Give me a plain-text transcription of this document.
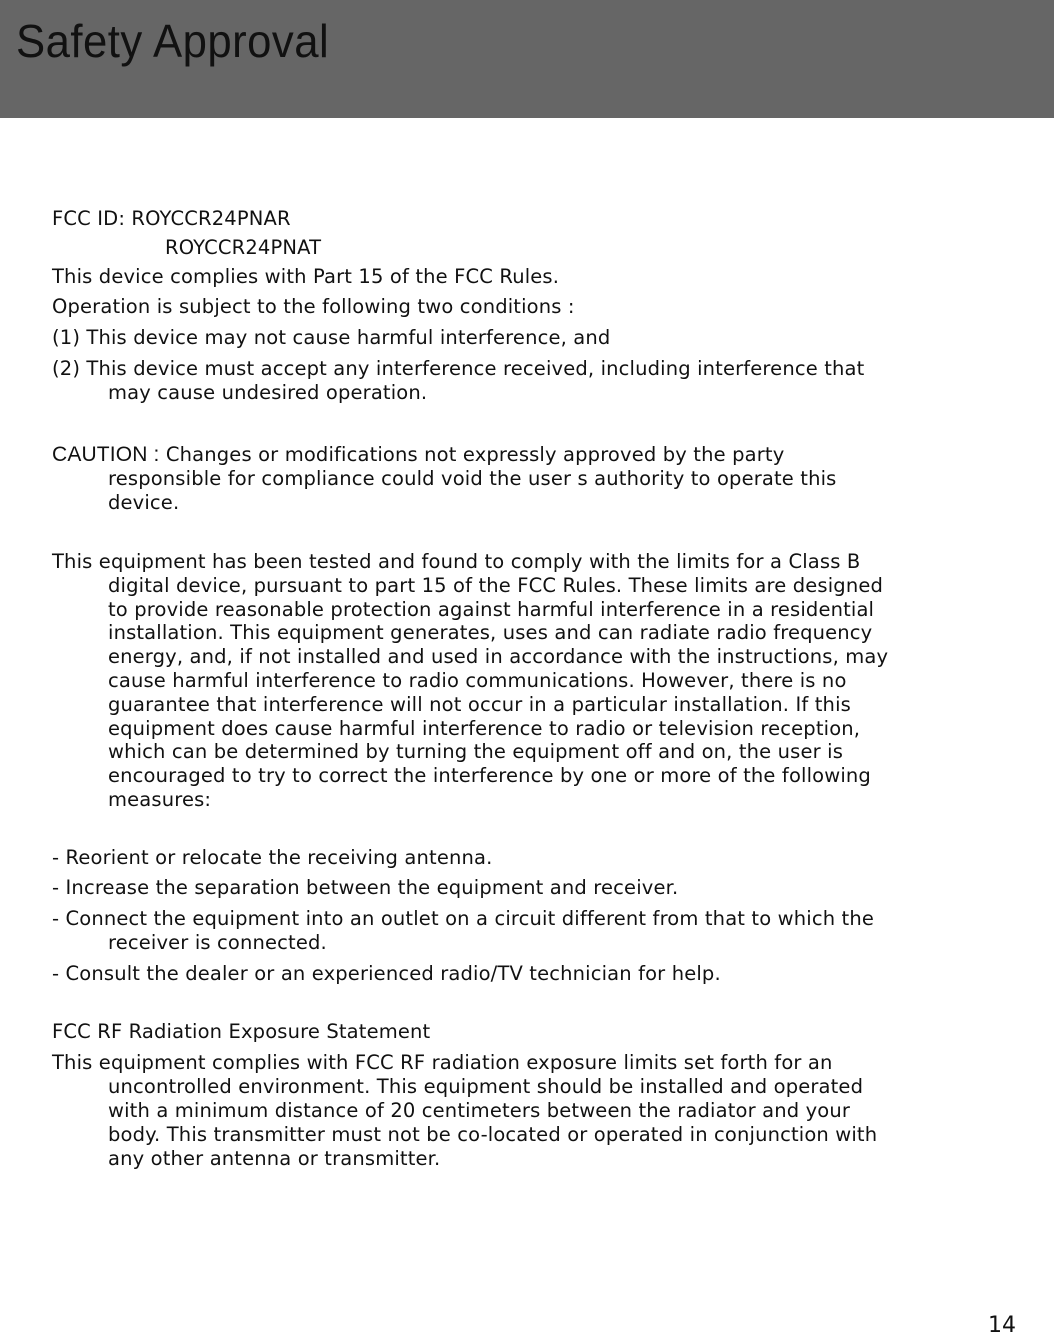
Safety Approval
FCC ID: ROYCCR24PNAR
ROYCCR24PNAT
This device complies with Part 15 of the FCC Rules.
Operation is subject to the following two conditions :
(1) This device may not cause harmful interference, and
(2) This device must accept any interference received, including interference that
may cause undesired operation.
CAUTION : Changes or modifications not expressly approved by the party
responsible for compliance could void the user s authority to operate this
device.
This equipment has been tested and found to comply with the limits for a Class B
digital device, pursuant to part 15 of the FCC Rules. These limits are designed
to provide reasonable protection against harmful interference in a residential
installation. This equipment generates, uses and can radiate radio frequency
energy, and, if not installed and used in accordance with the instructions, may
cause harmful interference to radio communications. However, there is no
guarantee that interference will not occur in a particular installation. If this
equipment does cause harmful interference to radio or television reception,
which can be determined by turning the equipment off and on, the user is
encouraged to try to correct the interference by one or more of the following
measures:
- Reorient or relocate the receiving antenna.
- Increase the separation between the equipment and receiver.
- Connect the equipment into an outlet on a circuit different from that to which the
receiver is connected.
- Consult the dealer or an experienced radio/TV technician for help.
FCC RF Radiation Exposure Statement
This equipment complies with FCC RF radiation exposure limits set forth for an
uncontrolled environment. This equipment should be installed and operated
with a minimum distance of 20 centimeters between the radiator and your
body. This transmitter must not be co-located or operated in conjunction with
any other antenna or transmitter.
14
